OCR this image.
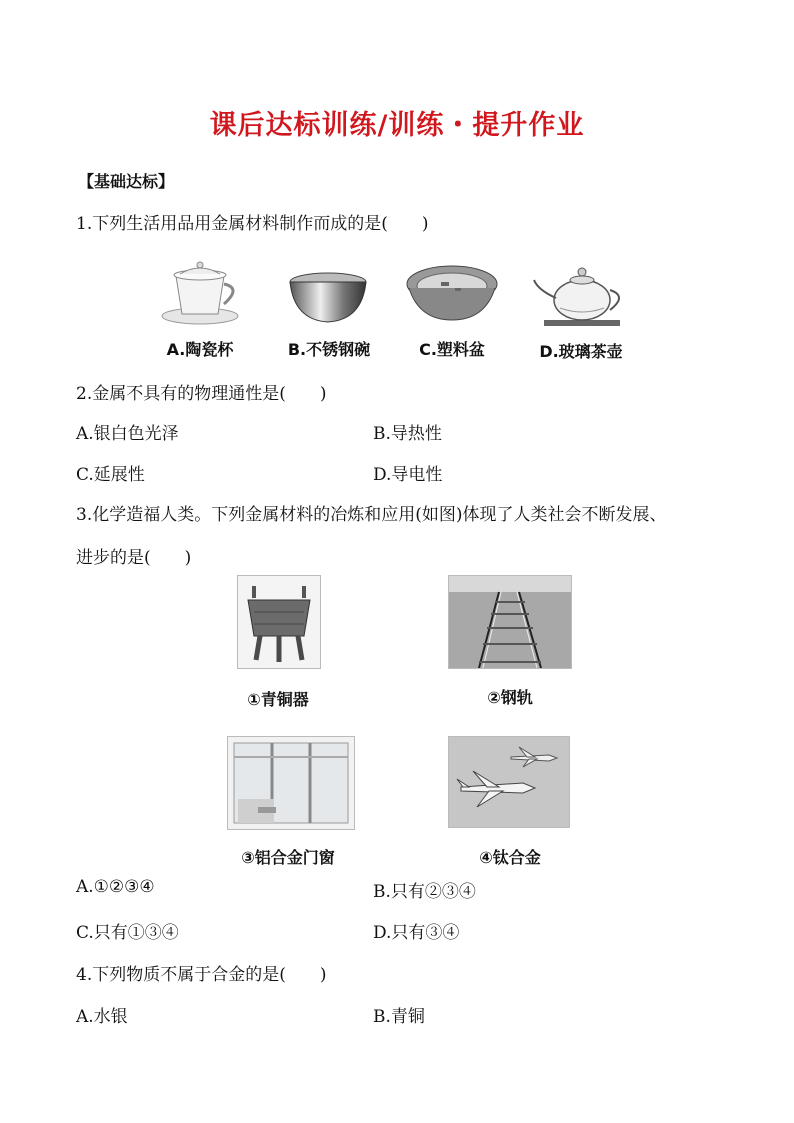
课后达标训练/训练・提升作业
【基础达标】
1.下列生活用品用金属材料制作而成的是(　　)
A.陶瓷杯	B.不锈钢碗	C.塑料盆	D.玻璃茶壶
2.金属不具有的物理通性是(　　)
A.银白色光泽	B.导热性
C.延展性	D.导电性
3.化学造福人类。下列金属材料的冶炼和应用(如图)体现了人类社会不断发展、
进步的是(　　)
①青铜器	②钢轨
③铝合金门窗	④钛合金
A.①②③④	B.只有②③④
C.只有①③④	D.只有③④
4.下列物质不属于合金的是(　　)
A.水银	B.青铜
